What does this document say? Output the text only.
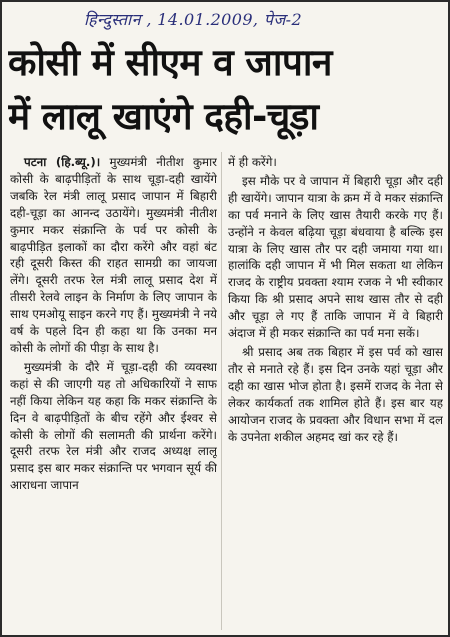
हिन्दुस्तान , 14.01.2009, पेज-2
कोसी में सीएम व जापान
में लालू खाएंगे दही-चूड़ा

पटना (हि.ब्यू.)। मुख्यमंत्री नीतीश कुमार कोसी के बाढ़पीड़ितों के साथ चूड़ा-दही खायेंगे जबकि रेल मंत्री लालू प्रसाद जापान में बिहारी दही-चूड़ा का आनन्द उठायेंगे। मुख्यमंत्री नीतीश कुमार मकर संक्रान्ति के पर्व पर कोसी के बाढ़पीड़ित इलाकों का दौरा करेंगे और वहां बंट रही दूसरी किस्त की राहत सामग्री का जायजा लेंगे। दूसरी तरफ रेल मंत्री लालू प्रसाद देश में तीसरी रेलवे लाइन के निर्माण के लिए जापान के साथ एमओयू साइन करने गए हैं। मुख्यमंत्री ने नये वर्ष के पहले दिन ही कहा था कि उनका मन कोसी के लोगों की पीड़ा के साथ है।

मुख्यमंत्री के दौरे में चूड़ा-दही की व्यवस्था कहां से की जाएगी यह तो अधिकारियों ने साफ नहीं किया लेकिन यह कहा कि मकर संक्रान्ति के दिन वे बाढ़पीड़ितों के बीच रहेंगे और ईश्वर से कोसी के लोगों की सलामती की प्रार्थना करेंगे। दूसरी तरफ रेल मंत्री और राजद अध्यक्ष लालू प्रसाद इस बार मकर संक्रान्ति पर भगवान सूर्य की आराधना जापान

में ही करेंगे।

इस मौके पर वे जापान में बिहारी चूड़ा और दही ही खायेंगे। जापान यात्रा के क्रम में वे मकर संक्रान्ति का पर्व मनाने के लिए खास तैयारी करके गए हैं। उन्होंने न केवल बढ़िया चूड़ा बंधवाया है बल्कि इस यात्रा के लिए खास तौर पर दही जमाया गया था। हालांकि दही जापान में भी मिल सकता था लेकिन राजद के राष्ट्रीय प्रवक्ता श्याम रजक ने भी स्वीकार किया कि श्री प्रसाद अपने साथ खास तौर से दही और चूड़ा ले गए हैं ताकि जापान में वे बिहारी अंदाज में ही मकर संक्रान्ति का पर्व मना सकें।

श्री प्रसाद अब तक बिहार में इस पर्व को खास तौर से मनाते रहे हैं। इस दिन उनके यहां चूड़ा और दही का खास भोज होता है। इसमें राजद के नेता से लेकर कार्यकर्ता तक शामिल होते हैं। इस बार यह आयोजन राजद के प्रवक्ता और विधान सभा में दल के उपनेता शकील अहमद खां कर रहे हैं।
